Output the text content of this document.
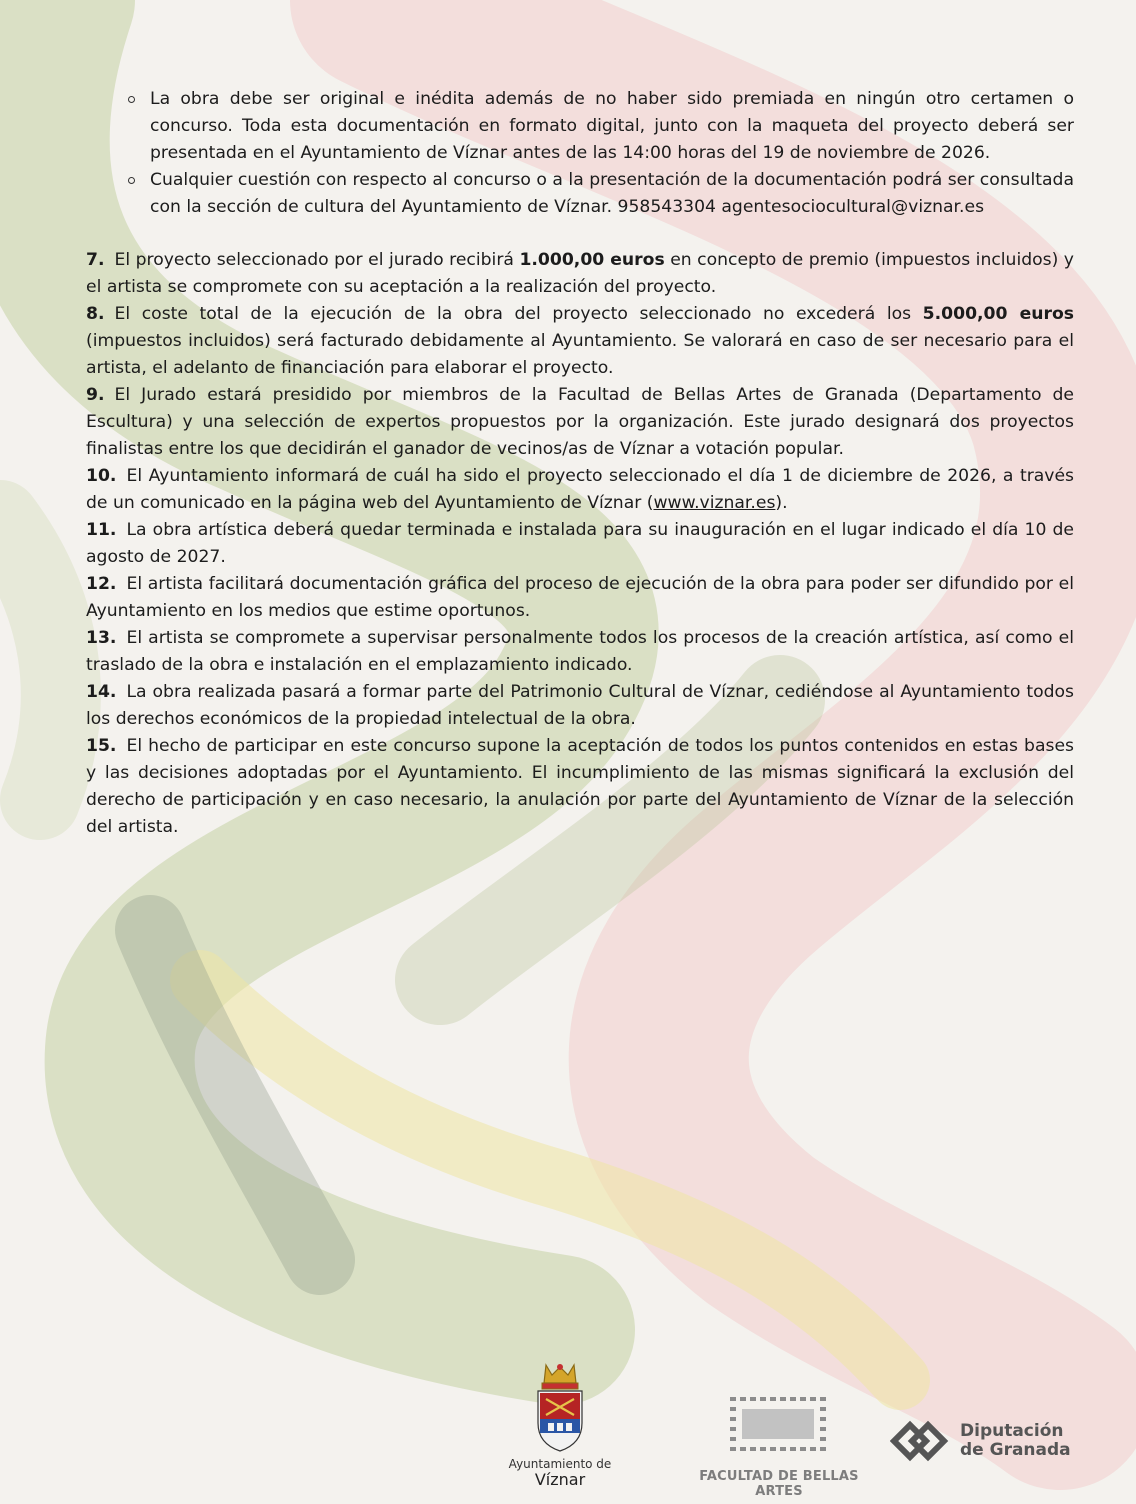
La obra debe ser original e inédita además de no haber sido premiada en ningún otro certamen o concurso. Toda esta documentación en formato digital, junto con la maqueta del proyecto deberá ser presentada en el Ayuntamiento de Víznar antes de las 14:00 horas del 19 de noviembre de 2026.
Cualquier cuestión con respecto al concurso o a la presentación de la documentación podrá ser consultada con la sección de cultura del Ayuntamiento de Víznar. 958543304 agentesociocultural@viznar.es

7. El proyecto seleccionado por el jurado recibirá 1.000,00 euros en concepto de premio (impuestos incluidos) y el artista se compromete con su aceptación a la realización del proyecto.

8. El coste total de la ejecución de la obra del proyecto seleccionado no excederá los 5.000,00 euros (impuestos incluidos) será facturado debidamente al Ayuntamiento. Se valorará en caso de ser necesario para el artista, el adelanto de financiación para elaborar el proyecto.

9. El Jurado estará presidido por miembros de la Facultad de Bellas Artes de Granada (Departamento de Escultura) y una selección de expertos propuestos por la organización. Este jurado designará dos proyectos finalistas entre los que decidirán el ganador de vecinos/as de Víznar a votación popular.

10. El Ayuntamiento informará de cuál ha sido el proyecto seleccionado el día 1 de diciembre de 2026, a través de un comunicado en la página web del Ayuntamiento de Víznar (www.viznar.es).

11. La obra artística deberá quedar terminada e instalada para su inauguración en el lugar indicado el día 10 de agosto de 2027.

12. El artista facilitará documentación gráfica del proceso de ejecución de la obra para poder ser difundido por el Ayuntamiento en los medios que estime oportunos.

13. El artista se compromete a supervisar personalmente todos los procesos de la creación artística, así como el traslado de la obra e instalación en el emplazamiento indicado.

14. La obra realizada pasará a formar parte del Patrimonio Cultural de Víznar, cediéndose al Ayuntamiento todos los derechos económicos de la propiedad intelectual de la obra.

15. El hecho de participar en este concurso supone la aceptación de todos los puntos contenidos en estas bases y las decisiones adoptadas por el Ayuntamiento. El incumplimiento de las mismas significará la exclusión del derecho de participación y en caso necesario, la anulación por parte del Ayuntamiento de Víznar de la selección del artista.

Ayuntamiento de
Víznar	FACULTAD DE BELLAS ARTES
Diputación
de Granada
